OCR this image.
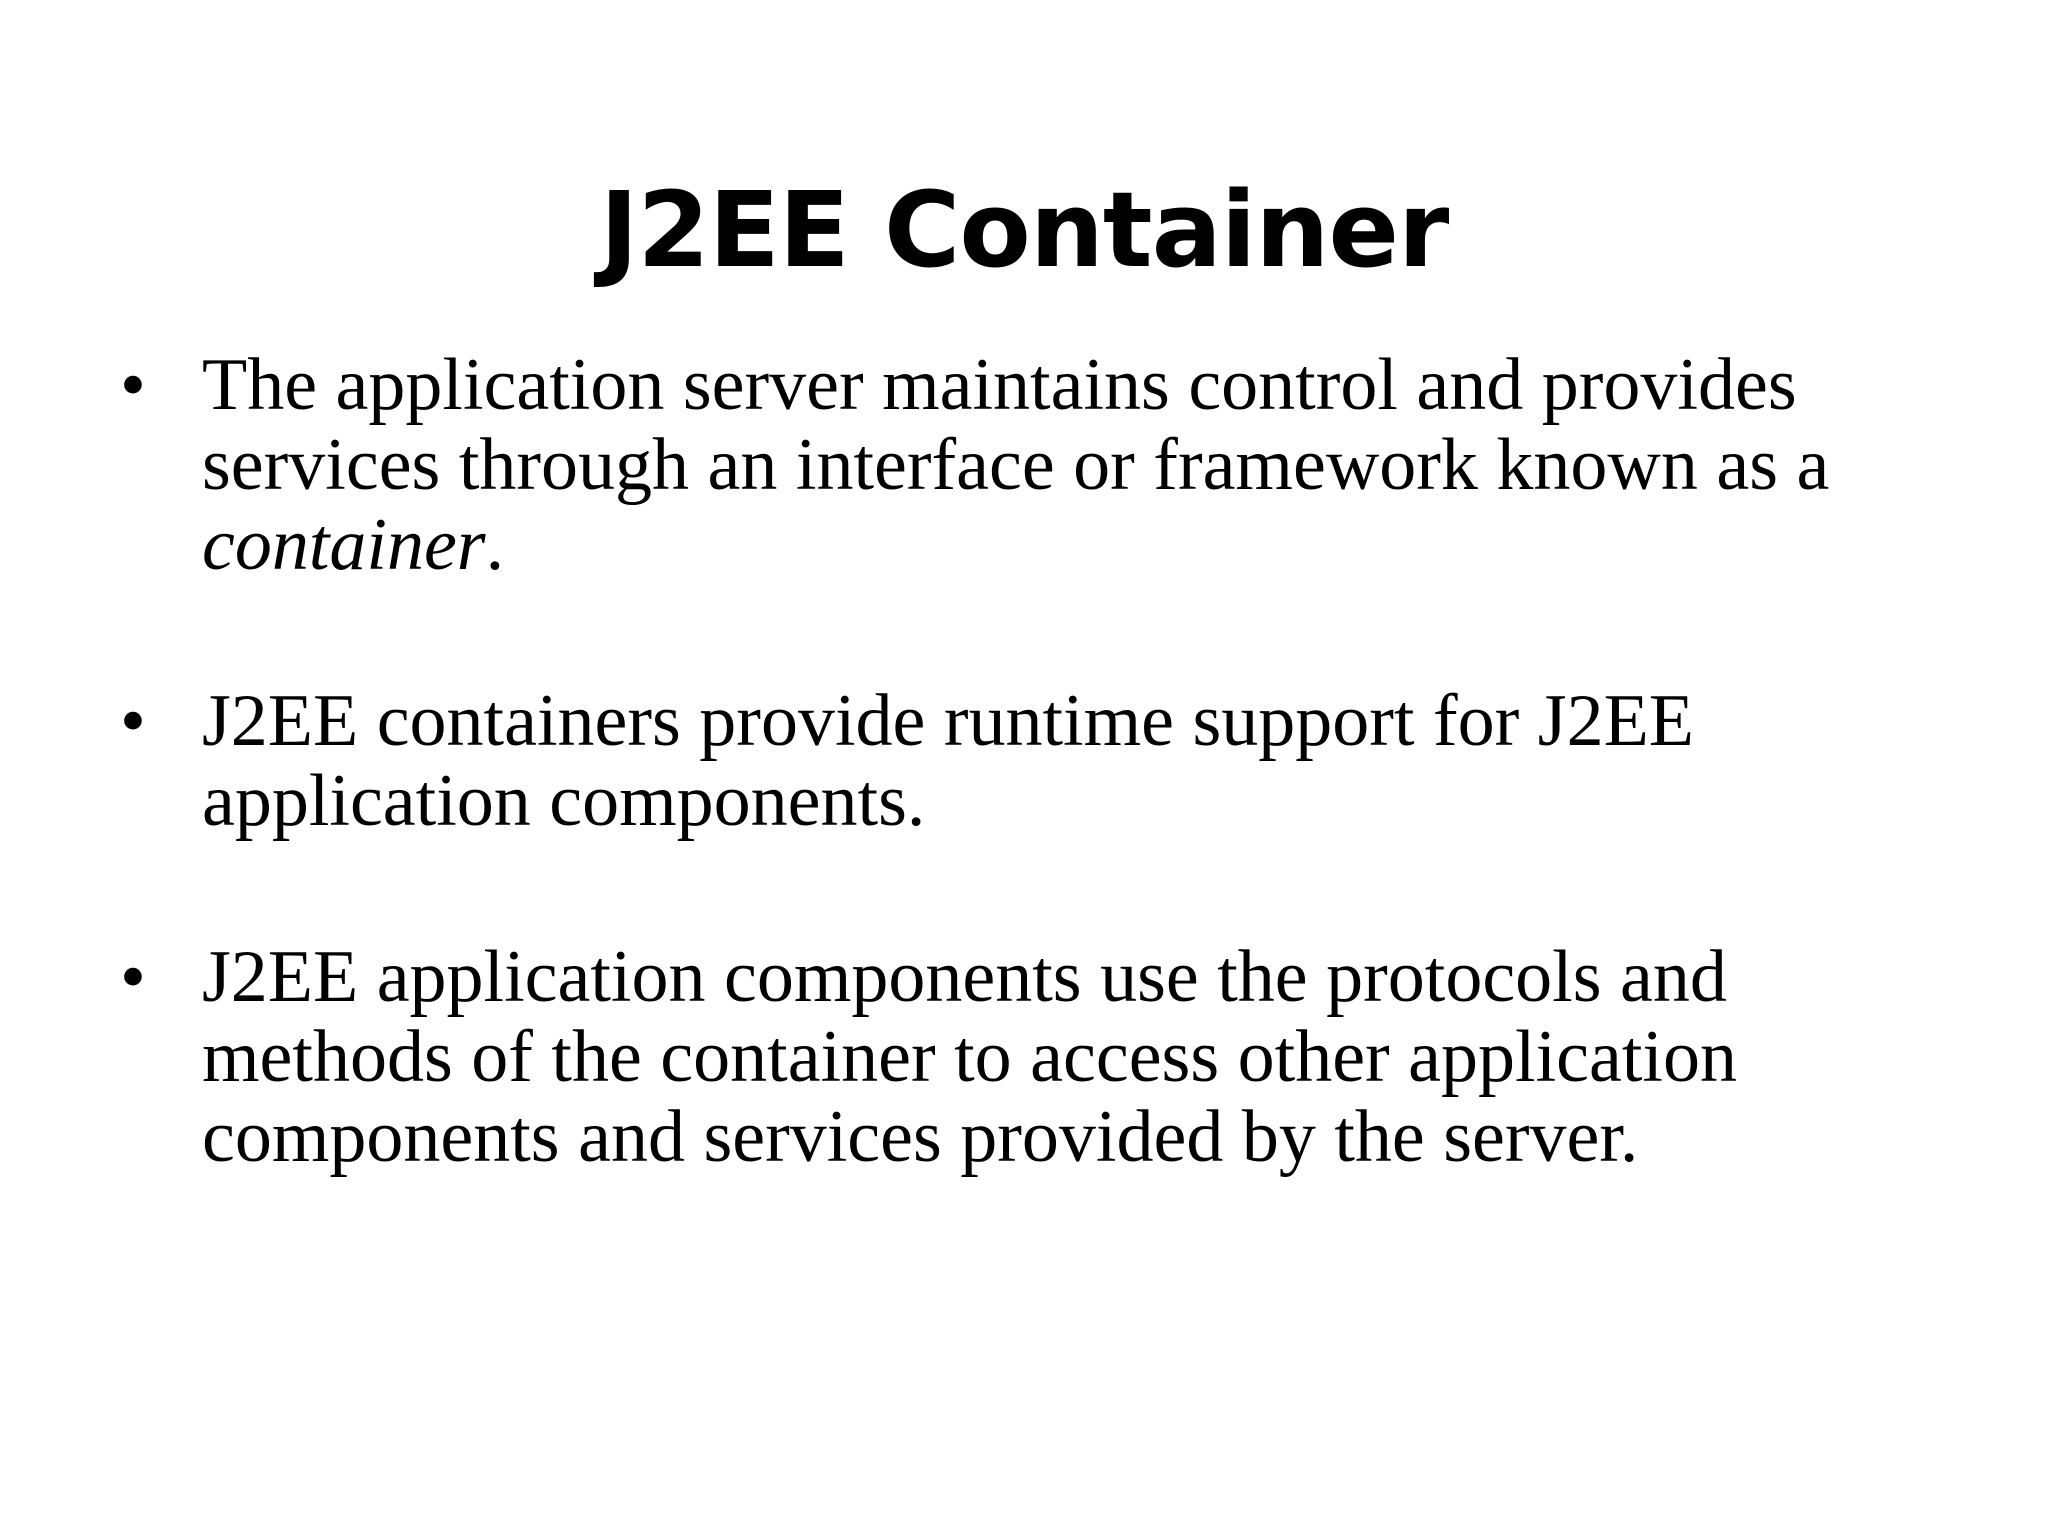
J2EE Container
• The application server maintains control and provides services through an interface or framework known as a container.
• J2EE containers provide runtime support for J2EE application components.
• J2EE application components use the protocols and methods of the container to access other application components and services provided by the server.
